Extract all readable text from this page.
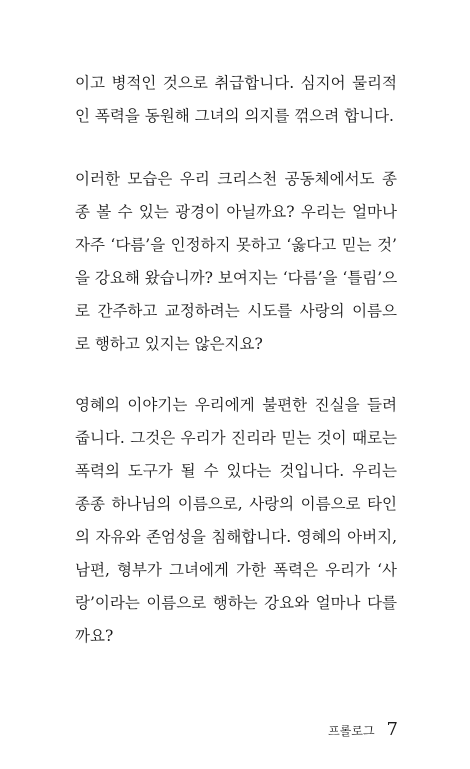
이고 병적인 것으로 취급합니다. 심지어 물리적
인 폭력을 동원해 그녀의 의지를 꺾으려 합니다.
이러한 모습은 우리 크리스천 공동체에서도 종
종 볼 수 있는 광경이 아닐까요? 우리는 얼마나
자주 ‘다름’을 인정하지 못하고 ‘옳다고 믿는 것’
을 강요해 왔습니까? 보여지는 ‘다름’을 ‘틀림’으
로 간주하고 교정하려는 시도를 사랑의 이름으
로 행하고 있지는 않은지요?
영혜의 이야기는 우리에게 불편한 진실을 들려
줍니다. 그것은 우리가 진리라 믿는 것이 때로는
폭력의 도구가 될 수 있다는 것입니다. 우리는
종종 하나님의 이름으로, 사랑의 이름으로 타인
의 자유와 존엄성을 침해합니다. 영혜의 아버지,
남편, 형부가 그녀에게 가한 폭력은 우리가 ‘사
랑’이라는 이름으로 행하는 강요와 얼마나 다를
까요?
프롤로그 7
